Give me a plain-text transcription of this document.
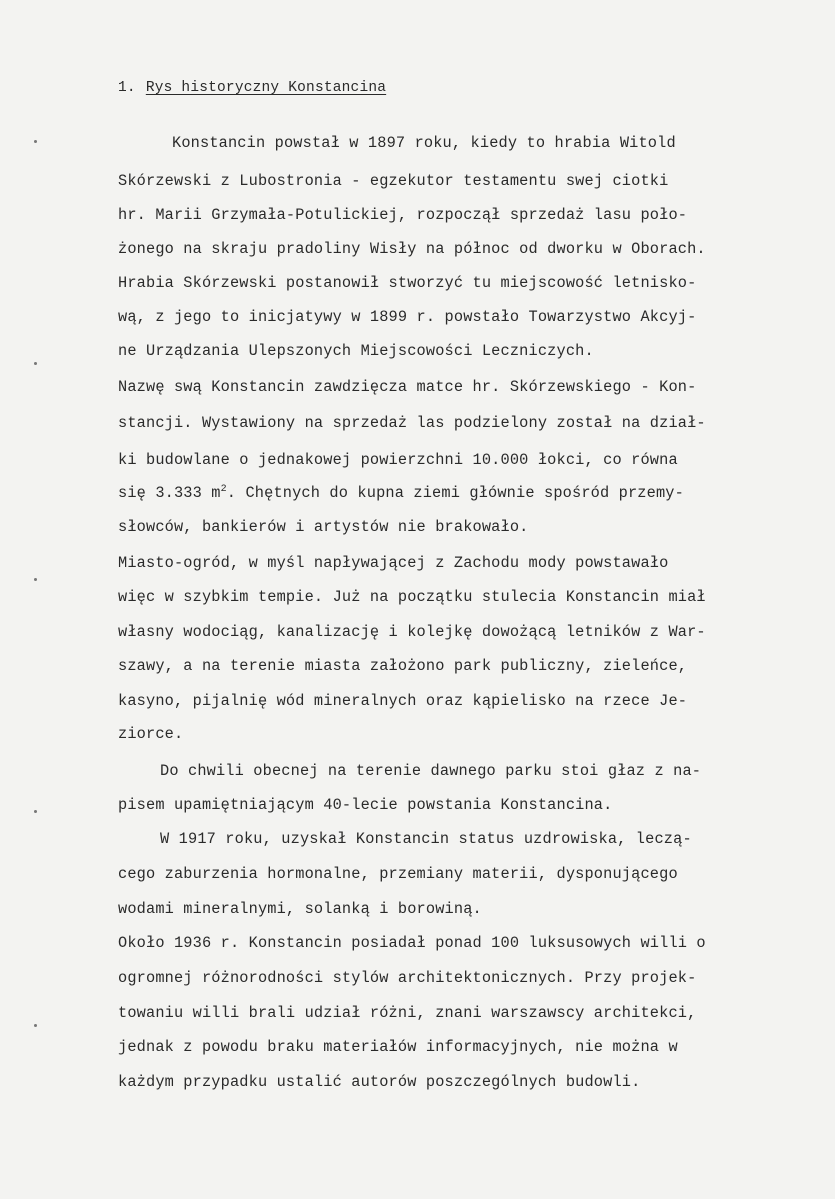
1. Rys historyczny Konstancina
Konstancin powstał w 1897 roku, kiedy to hrabia Witold
Skórzewski z Lubostronia - egzekutor testamentu swej ciotki
hr. Marii Grzymała-Potulickiej, rozpoczął sprzedaż lasu poło-
żonego na skraju pradoliny Wisły na północ od dworku w Oborach.
Hrabia Skórzewski postanowił stworzyć tu miejscowość letnisko-
wą, z jego to inicjatywy w 1899 r. powstało Towarzystwo Akcyj-
ne Urządzania Ulepszonych Miejscowości Leczniczych.
Nazwę swą Konstancin zawdzięcza matce hr. Skórzewskiego - Kon-
stancji. Wystawiony na sprzedaż las podzielony został na dział-
ki budowlane o jednakowej powierzchni 10.000 łokci, co równa
się 3.333 $m^2$. Chętnych do kupna ziemi głównie spośród przemy-
słowców, bankierów i artystów nie brakowało.
Miasto-ogród, w myśl napływającej z Zachodu mody powstawało
więc w szybkim tempie. Już na początku stulecia Konstancin miał
własny wodociąg, kanalizację i kolejkę dowożącą letników z War-
szawy, a na terenie miasta założono park publiczny, zieleńce,
kasyno, pijalnię wód mineralnych oraz kąpielisko na rzece Je-
ziorce.
Do chwili obecnej na terenie dawnego parku stoi głaz z na-
pisem upamiętniającym 40-lecie powstania Konstancina.
W 1917 roku, uzyskał Konstancin status uzdrowiska, leczą-
cego zaburzenia hormonalne, przemiany materii, dysponującego
wodami mineralnymi, solanką i borowiną.
Około 1936 r. Konstancin posiadał ponad 100 luksusowych willi o
ogromnej różnorodności stylów architektonicznych. Przy projek-
towaniu willi brali udział różni, znani warszawscy architekci,
jednak z powodu braku materiałów informacyjnych, nie można w
każdym przypadku ustalić autorów poszczególnych budowli.
